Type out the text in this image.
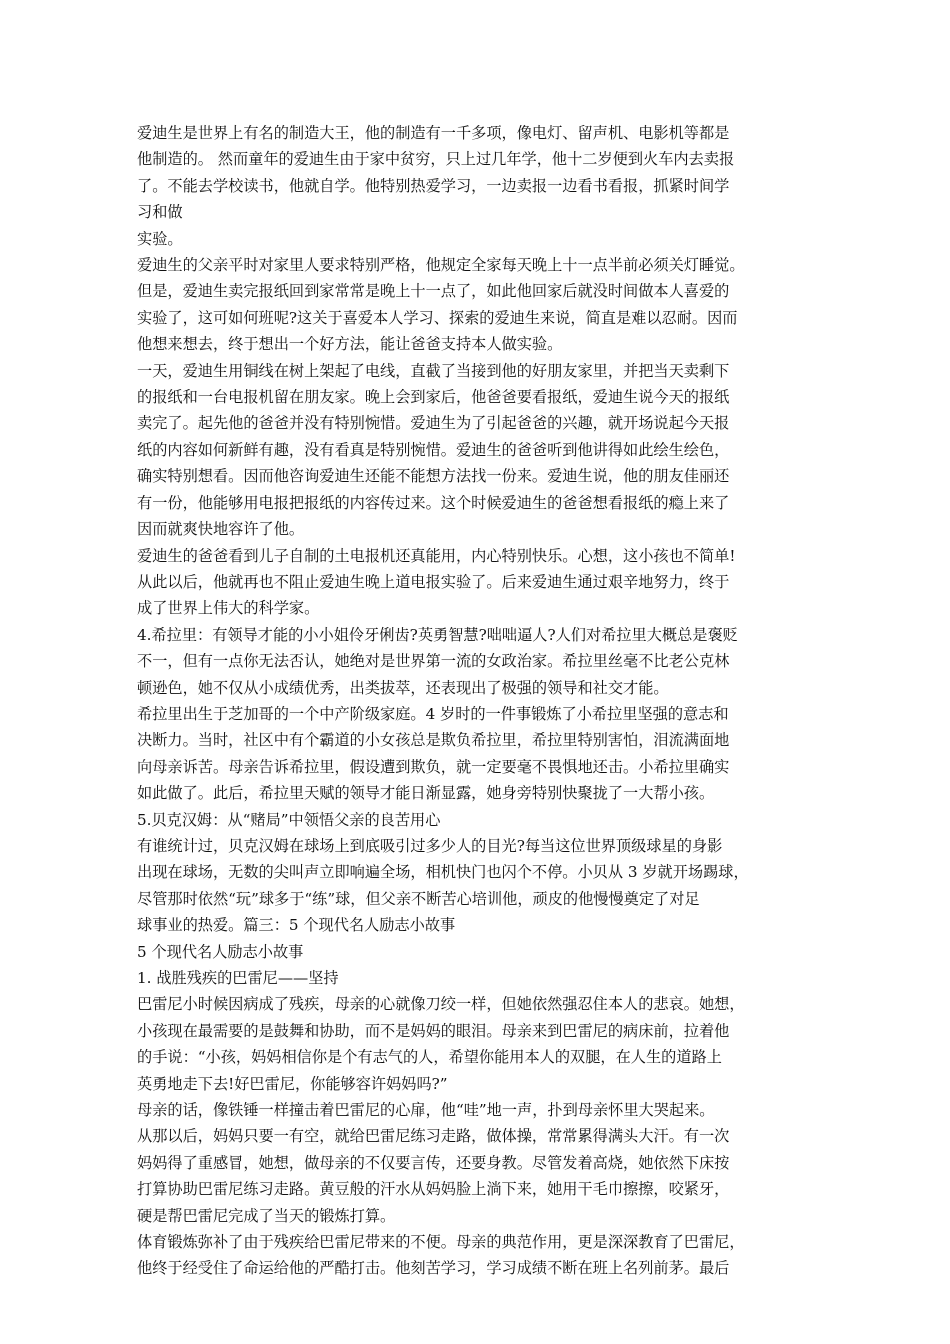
爱迪生是世界上有名的制造大王，他的制造有一千多项，像电灯、留声机、电影机等都是
他制造的。 然而童年的爱迪生由于家中贫穷，只上过几年学，他十二岁便到火车内去卖报
了。不能去学校读书，他就自学。他特别热爱学习，一边卖报一边看书看报，抓紧时间学
习和做

实验。

爱迪生的父亲平时对家里人要求特别严格，他规定全家每天晚上十一点半前必须关灯睡觉。
但是，爱迪生卖完报纸回到家常常是晚上十一点了，如此他回家后就没时间做本人喜爱的
实验了，这可如何班呢?这关于喜爱本人学习、探索的爱迪生来说，简直是难以忍耐。因而
他想来想去，终于想出一个好方法，能让爸爸支持本人做实验。

一天，爱迪生用铜线在树上架起了电线，直截了当接到他的好朋友家里，并把当天卖剩下
的报纸和一台电报机留在朋友家。晚上会到家后，他爸爸要看报纸，爱迪生说今天的报纸
卖完了。起先他的爸爸并没有特别惋惜。爱迪生为了引起爸爸的兴趣，就开场说起今天报
纸的内容如何新鲜有趣，没有看真是特别惋惜。爱迪生的爸爸听到他讲得如此绘生绘色，
确实特别想看。因而他咨询爱迪生还能不能想方法找一份来。爱迪生说，他的朋友佳丽还
有一份，他能够用电报把报纸的内容传过来。这个时候爱迪生的爸爸想看报纸的瘾上来了
因而就爽快地容许了他。

爱迪生的爸爸看到儿子自制的土电报机还真能用，内心特别快乐。心想，这小孩也不简单!
从此以后，他就再也不阻止爱迪生晚上道电报实验了。后来爱迪生通过艰辛地努力，终于
成了世界上伟大的科学家。

4.希拉里：有领导才能的小小姐伶牙俐齿?英勇智慧?咄咄逼人?人们对希拉里大概总是褒贬
不一，但有一点你无法否认，她绝对是世界第一流的女政治家。希拉里丝毫不比老公克林
顿逊色，她不仅从小成绩优秀，出类拔萃，还表现出了极强的领导和社交才能。

希拉里出生于芝加哥的一个中产阶级家庭。4 岁时的一件事锻炼了小希拉里坚强的意志和
决断力。当时，社区中有个霸道的小女孩总是欺负希拉里，希拉里特别害怕，泪流满面地
向母亲诉苦。母亲告诉希拉里，假设遭到欺负，就一定要毫不畏惧地还击。小希拉里确实
如此做了。此后，希拉里天赋的领导才能日渐显露，她身旁特别快聚拢了一大帮小孩。

5.贝克汉姆：从“赌局”中领悟父亲的良苦用心

有谁统计过，贝克汉姆在球场上到底吸引过多少人的目光?每当这位世界顶级球星的身影
出现在球场，无数的尖叫声立即响遍全场，相机快门也闪个不停。小贝从 3 岁就开场踢球，
尽管那时依然“玩”球多于“练”球，但父亲不断苦心培训他，顽皮的他慢慢奠定了对足
球事业的热爱。篇三：5 个现代名人励志小故事

5 个现代名人励志小故事

1. 战胜残疾的巴雷尼——坚持

巴雷尼小时候因病成了残疾，母亲的心就像刀绞一样，但她依然强忍住本人的悲哀。她想，
小孩现在最需要的是鼓舞和协助，而不是妈妈的眼泪。母亲来到巴雷尼的病床前，拉着他
的手说：“小孩，妈妈相信你是个有志气的人，希望你能用本人的双腿，在人生的道路上
英勇地走下去!好巴雷尼，你能够容许妈妈吗?”

母亲的话，像铁锤一样撞击着巴雷尼的心扉，他“哇”地一声，扑到母亲怀里大哭起来。
从那以后，妈妈只要一有空，就给巴雷尼练习走路，做体操，常常累得满头大汗。有一次
妈妈得了重感冒，她想，做母亲的不仅要言传，还要身教。尽管发着高烧，她依然下床按
打算协助巴雷尼练习走路。黄豆般的汗水从妈妈脸上淌下来，她用干毛巾擦擦，咬紧牙，
硬是帮巴雷尼完成了当天的锻炼打算。

体育锻炼弥补了由于残疾给巴雷尼带来的不便。母亲的典范作用，更是深深教育了巴雷尼，
他终于经受住了命运给他的严酷打击。他刻苦学习，学习成绩不断在班上名列前茅。最后
